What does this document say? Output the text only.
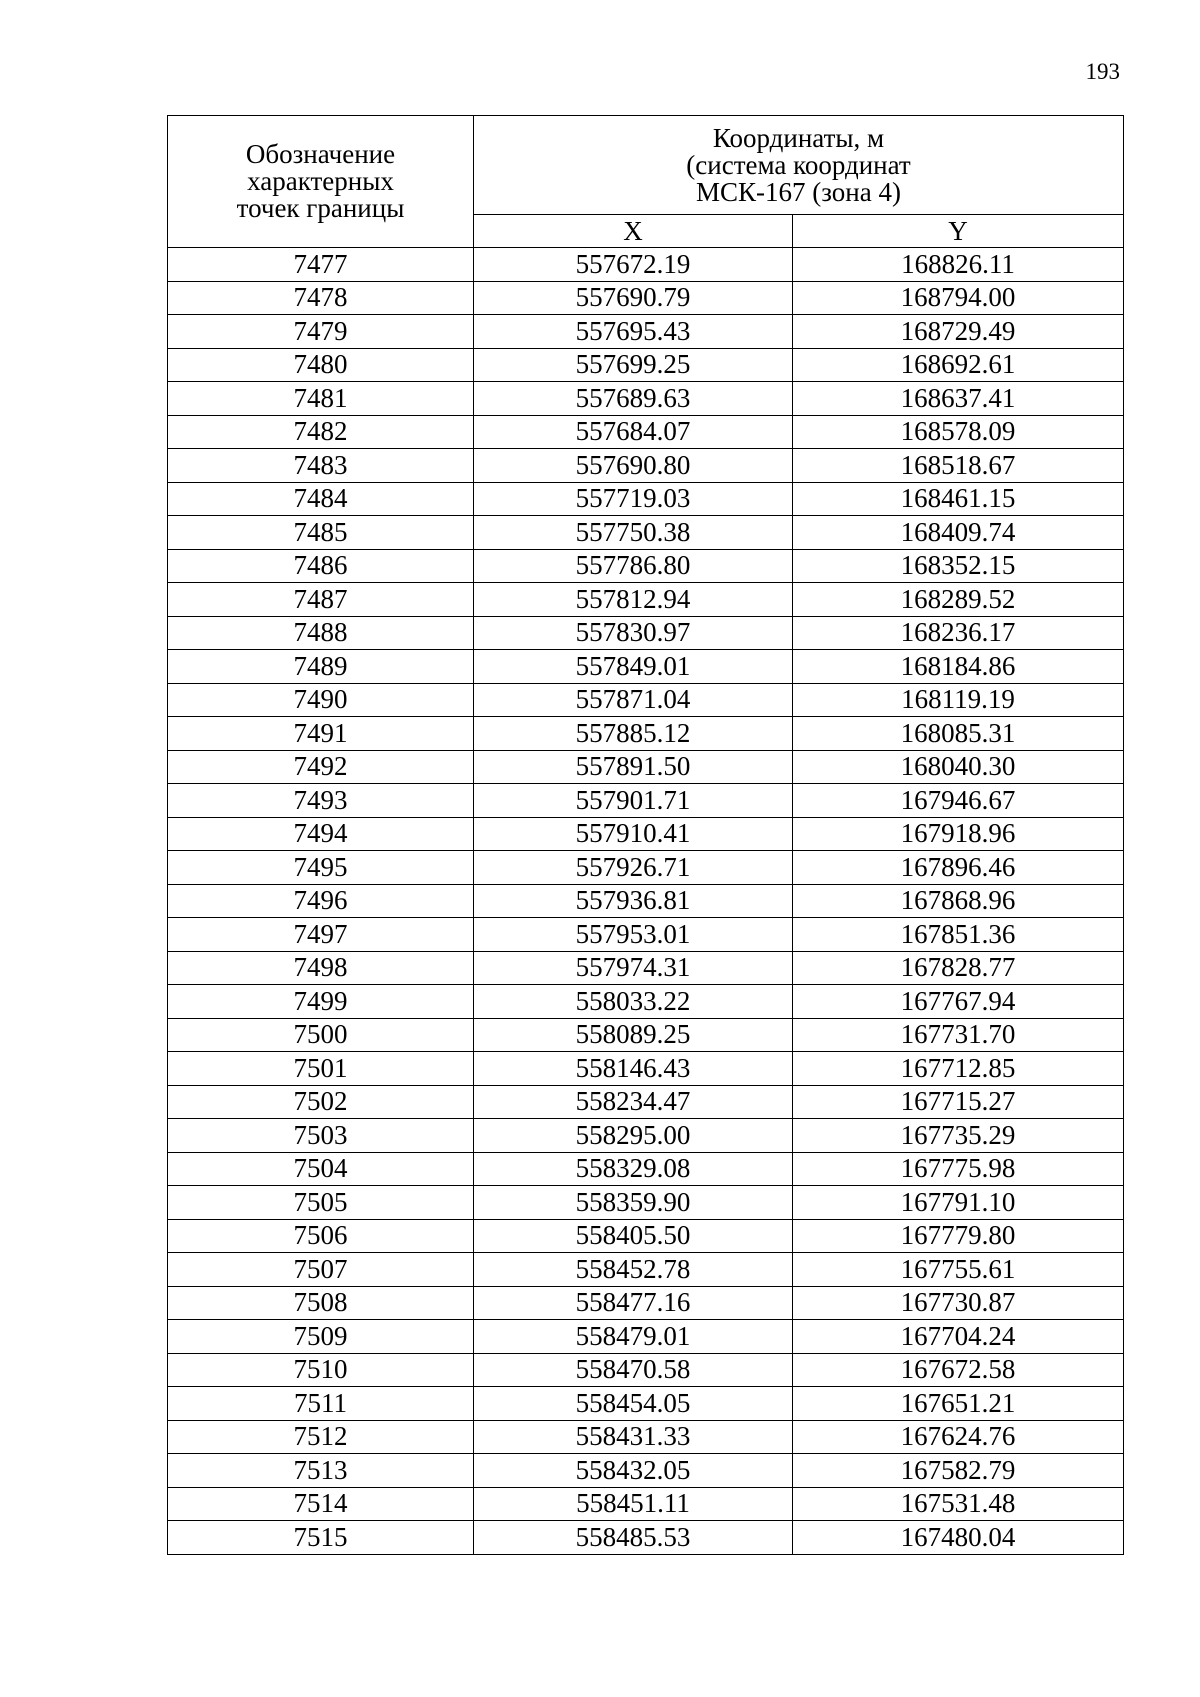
193
Обозначение
характерных
точек границы	Координаты, м
(система координат
МСК-167 (зона 4)	

	X	Y
7477	557672.19	168826.11
7478	557690.79	168794.00
7479	557695.43	168729.49
7480	557699.25	168692.61
7481	557689.63	168637.41
7482	557684.07	168578.09
7483	557690.80	168518.67
7484	557719.03	168461.15
7485	557750.38	168409.74
7486	557786.80	168352.15
7487	557812.94	168289.52
7488	557830.97	168236.17
7489	557849.01	168184.86
7490	557871.04	168119.19
7491	557885.12	168085.31
7492	557891.50	168040.30
7493	557901.71	167946.67
7494	557910.41	167918.96
7495	557926.71	167896.46
7496	557936.81	167868.96
7497	557953.01	167851.36
7498	557974.31	167828.77
7499	558033.22	167767.94
7500	558089.25	167731.70
7501	558146.43	167712.85
7502	558234.47	167715.27
7503	558295.00	167735.29
7504	558329.08	167775.98
7505	558359.90	167791.10
7506	558405.50	167779.80
7507	558452.78	167755.61
7508	558477.16	167730.87
7509	558479.01	167704.24
7510	558470.58	167672.58
7511	558454.05	167651.21
7512	558431.33	167624.76
7513	558432.05	167582.79
7514	558451.11	167531.48
7515	558485.53	167480.04
